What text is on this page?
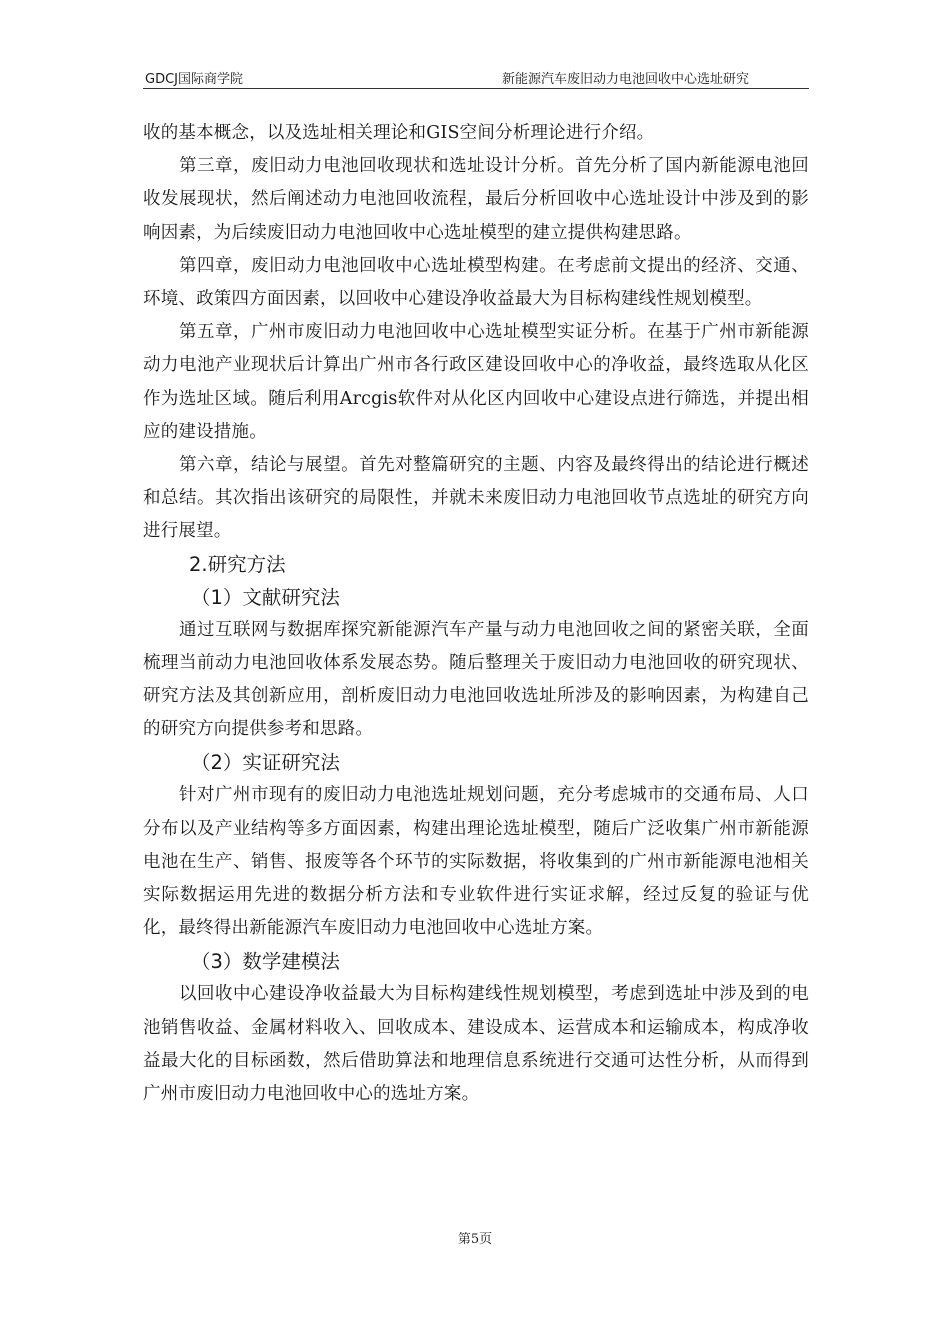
GDCJ国际商学院	新能源汽车废旧动力电池回收中心选址研究

收的基本概念，以及选址相关理论和GIS空间分析理论进行介绍。

第三章，废旧动力电池回收现状和选址设计分析。首先分析了国内新能源电池回收发展现状，然后阐述动力电池回收流程，最后分析回收中心选址设计中涉及到的影响因素，为后续废旧动力电池回收中心选址模型的建立提供构建思路。

第四章，废旧动力电池回收中心选址模型构建。在考虑前文提出的经济、交通、环境、政策四方面因素，以回收中心建设净收益最大为目标构建线性规划模型。

第五章，广州市废旧动力电池回收中心选址模型实证分析。在基于广州市新能源动力电池产业现状后计算出广州市各行政区建设回收中心的净收益，最终选取从化区作为选址区域。随后利用Arcgis软件对从化区内回收中心建设点进行筛选，并提出相应的建设措施。

第六章，结论与展望。首先对整篇研究的主题、内容及最终得出的结论进行概述和总结。其次指出该研究的局限性，并就未来废旧动力电池回收节点选址的研究方向进行展望。

2.研究方法

（1）文献研究法

通过互联网与数据库探究新能源汽车产量与动力电池回收之间的紧密关联，全面梳理当前动力电池回收体系发展态势。随后整理关于废旧动力电池回收的研究现状、研究方法及其创新应用，剖析废旧动力电池回收选址所涉及的影响因素，为构建自己的研究方向提供参考和思路。

（2）实证研究法

针对广州市现有的废旧动力电池选址规划问题，充分考虑城市的交通布局、人口分布以及产业结构等多方面因素，构建出理论选址模型，随后广泛收集广州市新能源电池在生产、销售、报废等各个环节的实际数据，将收集到的广州市新能源电池相关实际数据运用先进的数据分析方法和专业软件进行实证求解，经过反复的验证与优化，最终得出新能源汽车废旧动力电池回收中心选址方案。

（3）数学建模法

以回收中心建设净收益最大为目标构建线性规划模型，考虑到选址中涉及到的电池销售收益、金属材料收入、回收成本、建设成本、运营成本和运输成本，构成净收益最大化的目标函数，然后借助算法和地理信息系统进行交通可达性分析，从而得到广州市废旧动力电池回收中心的选址方案。

第5页
